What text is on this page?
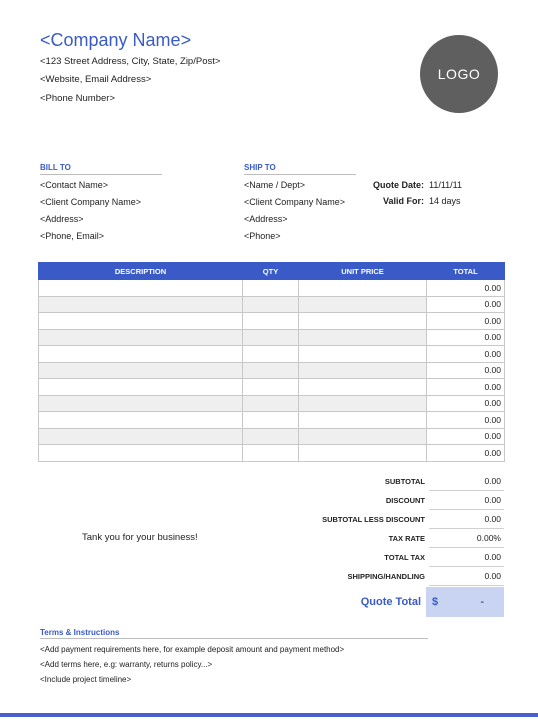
<Company Name>
<123 Street Address, City, State, Zip/Post>
<Website, Email Address>
<Phone Number>
LOGO
BILL TO
<Contact Name>
<Client Company Name>
<Address>
<Phone, Email>
SHIP TO
<Name / Dept>
<Client Company Name>
<Address>
<Phone>
Quote Date: 11/11/11
Valid For: 14 days
DESCRIPTION	QTY	UNIT PRICE	TOTAL
			0.00
			0.00
			0.00
			0.00
			0.00
			0.00
			0.00
			0.00
			0.00
			0.00
			0.00
SUBTOTAL	0.00
DISCOUNT	0.00
SUBTOTAL LESS DISCOUNT	0.00
TAX RATE	0.00%
TOTAL TAX	0.00
SHIPPING/HANDLING	0.00
Tank you for your business!
Quote Total	$	-
Terms & Instructions
<Add payment requirements here, for example deposit amount and payment method>
<Add terms here, e.g: warranty, returns policy...>
<Include project timeline>
